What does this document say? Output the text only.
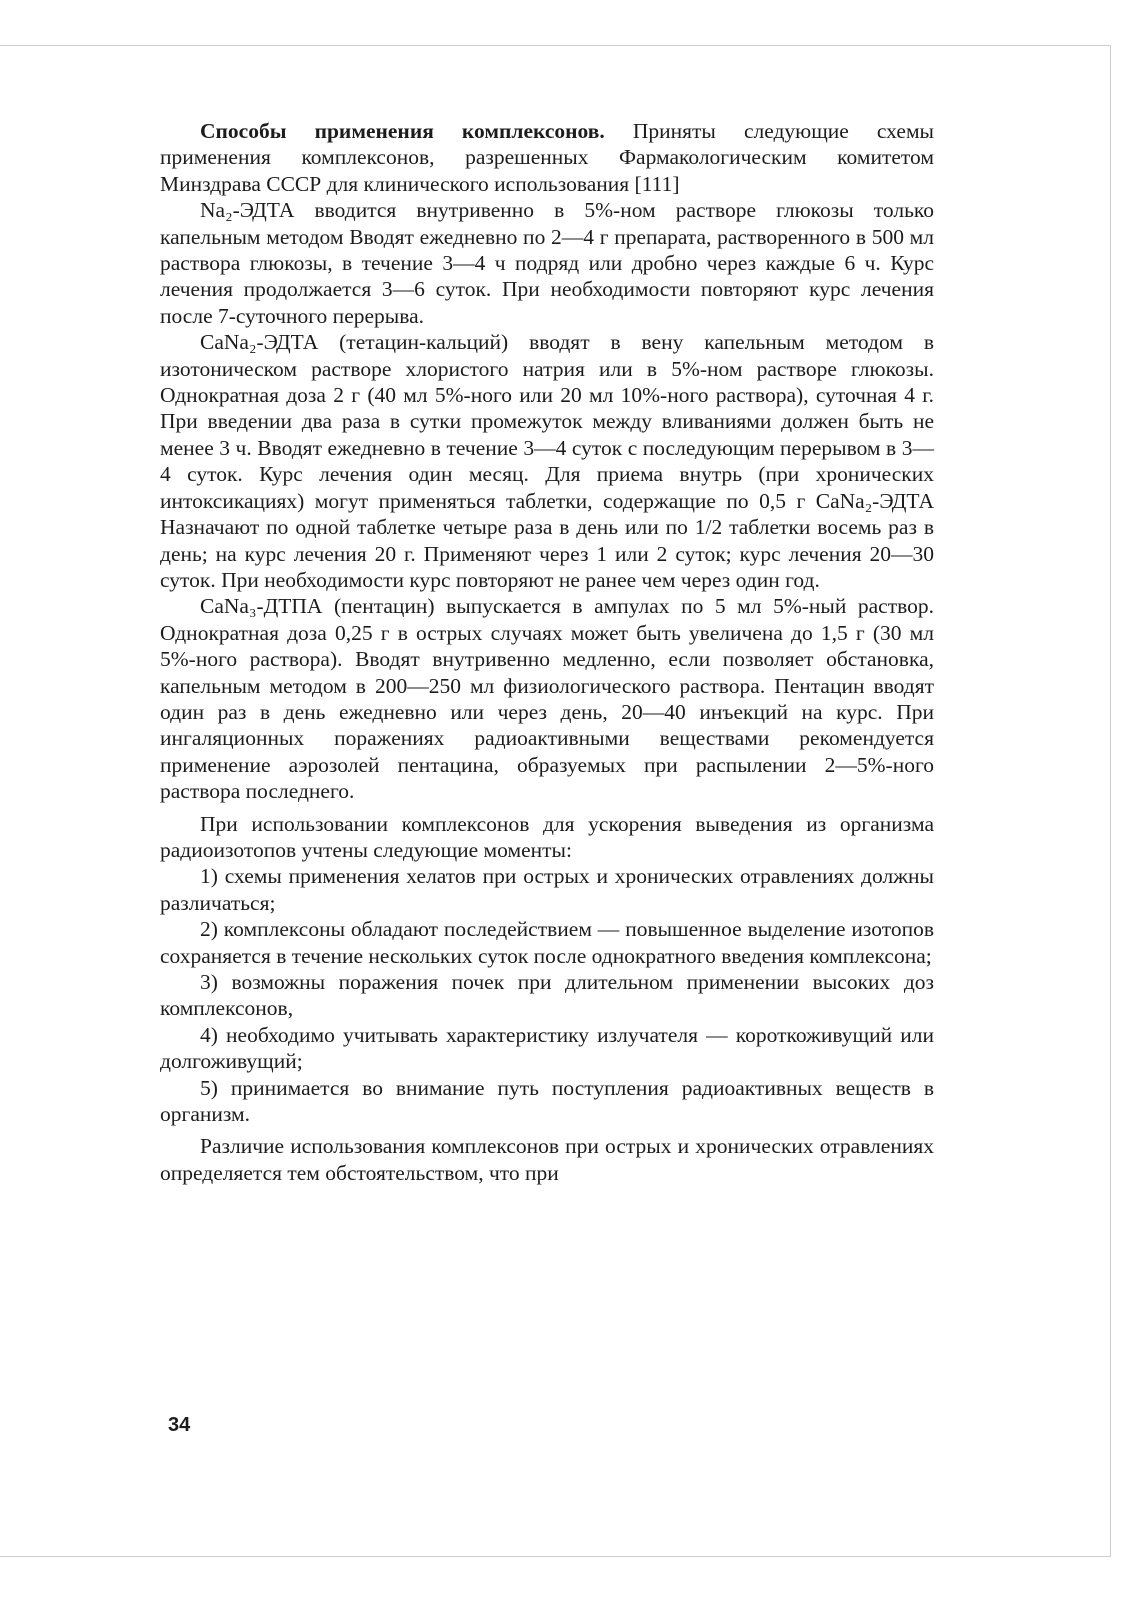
Способы применения комплексонов. Приняты следующие схемы применения комплексонов, разрешенных Фармакологическим комитетом Минздрава СССР для клинического использования [111]

Na₂-ЭДТА вводится внутривенно в 5%-ном растворе глюкозы только капельным методом Вводят ежедневно по 2—4 г препарата, растворенного в 500 мл раствора глюкозы, в течение 3—4 ч подряд или дробно через каждые 6 ч. Курс лечения продолжается 3—6 суток. При необходимости повторяют курс лечения после 7-суточного перерыва.

CaNa₂-ЭДТА (тетацин-кальций) вводят в вену капельным методом в изотоническом растворе хлористого натрия или в 5%-ном растворе глюкозы. Однократная доза 2 г (40 мл 5%-ного или 20 мл 10%-ного раствора), суточная 4 г. При введении два раза в сутки промежуток между вливаниями должен быть не менее 3 ч. Вводят ежедневно в течение 3—4 суток с последующим перерывом в 3—4 суток. Курс лечения один месяц. Для приема внутрь (при хронических интоксикациях) могут применяться таблетки, содержащие по 0,5 г CaNa₂-ЭДТА Назначают по одной таблетке четыре раза в день или по 1/2 таблетки восемь раз в день; на курс лечения 20 г. Применяют через 1 или 2 суток; курс лечения 20—30 суток. При необходимости курс повторяют не ранее чем через один год.

CaNa₃-ДТПА (пентацин) выпускается в ампулах по 5 мл 5%-ный раствор. Однократная доза 0,25 г в острых случаях может быть увеличена до 1,5 г (30 мл 5%-ного раствора). Вводят внутривенно медленно, если позволяет обстановка, капельным методом в 200—250 мл физиологического раствора. Пентацин вводят один раз в день ежедневно или через день, 20—40 инъекций на курс. При ингаляционных поражениях радиоактивными веществами рекомендуется применение аэрозолей пентацина, образуемых при распылении 2—5%-ного раствора последнего.

При использовании комплексонов для ускорения выведения из организма радиоизотопов учтены следующие моменты:

1) схемы применения хелатов при острых и хронических отравлениях должны различаться;

2) комплексоны обладают последействием — повышенное выделение изотопов сохраняется в течение нескольких суток после однократного введения комплексона;

3) возможны поражения почек при длительном применении высоких доз комплексонов,

4) необходимо учитывать характеристику излучателя — короткоживущий или долгоживущий;

5) принимается во внимание путь поступления радиоактивных веществ в организм.

Различие использования комплексонов при острых и хронических отравлениях определяется тем обстоятельством, что при

34
